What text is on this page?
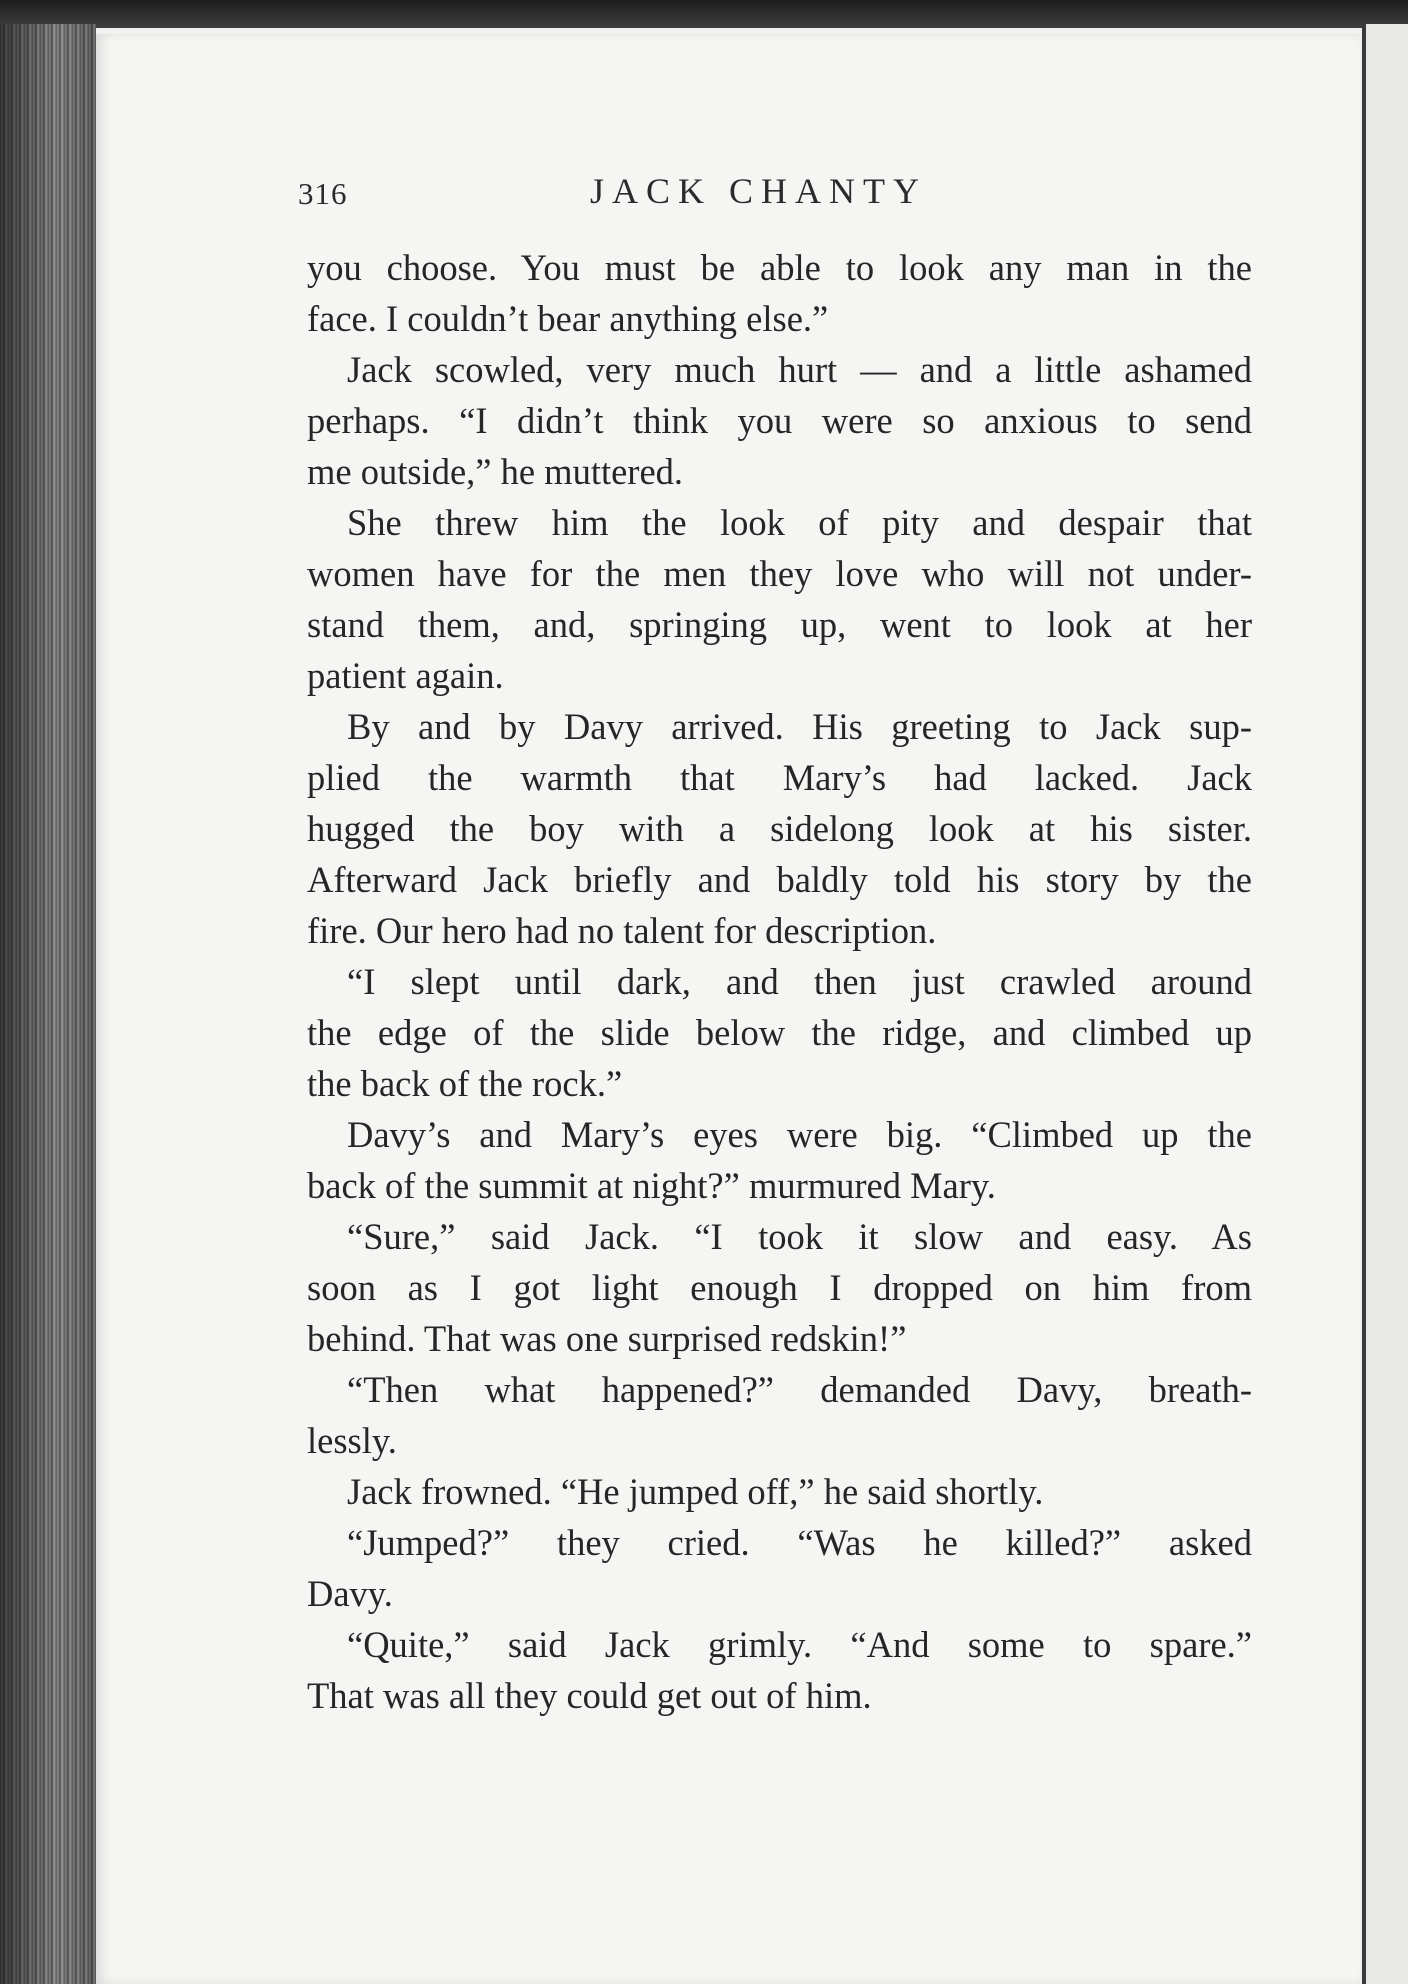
316	JACK CHANTY
you choose. You must be able to look any man in the
face. I couldn’t bear anything else.”
Jack scowled, very much hurt — and a little ashamed
perhaps. “I didn’t think you were so anxious to send
me outside,” he muttered.
She threw him the look of pity and despair that
women have for the men they love who will not under-
stand them, and, springing up, went to look at her
patient again.
By and by Davy arrived. His greeting to Jack sup-
plied the warmth that Mary’s had lacked. Jack
hugged the boy with a sidelong look at his sister.
Afterward Jack briefly and baldly told his story by the
fire. Our hero had no talent for description.
“I slept until dark, and then just crawled around
the edge of the slide below the ridge, and climbed up
the back of the rock.”
Davy’s and Mary’s eyes were big. “Climbed up the
back of the summit at night?” murmured Mary.
“Sure,” said Jack. “I took it slow and easy. As
soon as I got light enough I dropped on him from
behind. That was one surprised redskin!”
“Then what happened?” demanded Davy, breath-
lessly.
Jack frowned. “He jumped off,” he said shortly.
“Jumped?” they cried. “Was he killed?” asked
Davy.
“Quite,” said Jack grimly. “And some to spare.”
That was all they could get out of him.
